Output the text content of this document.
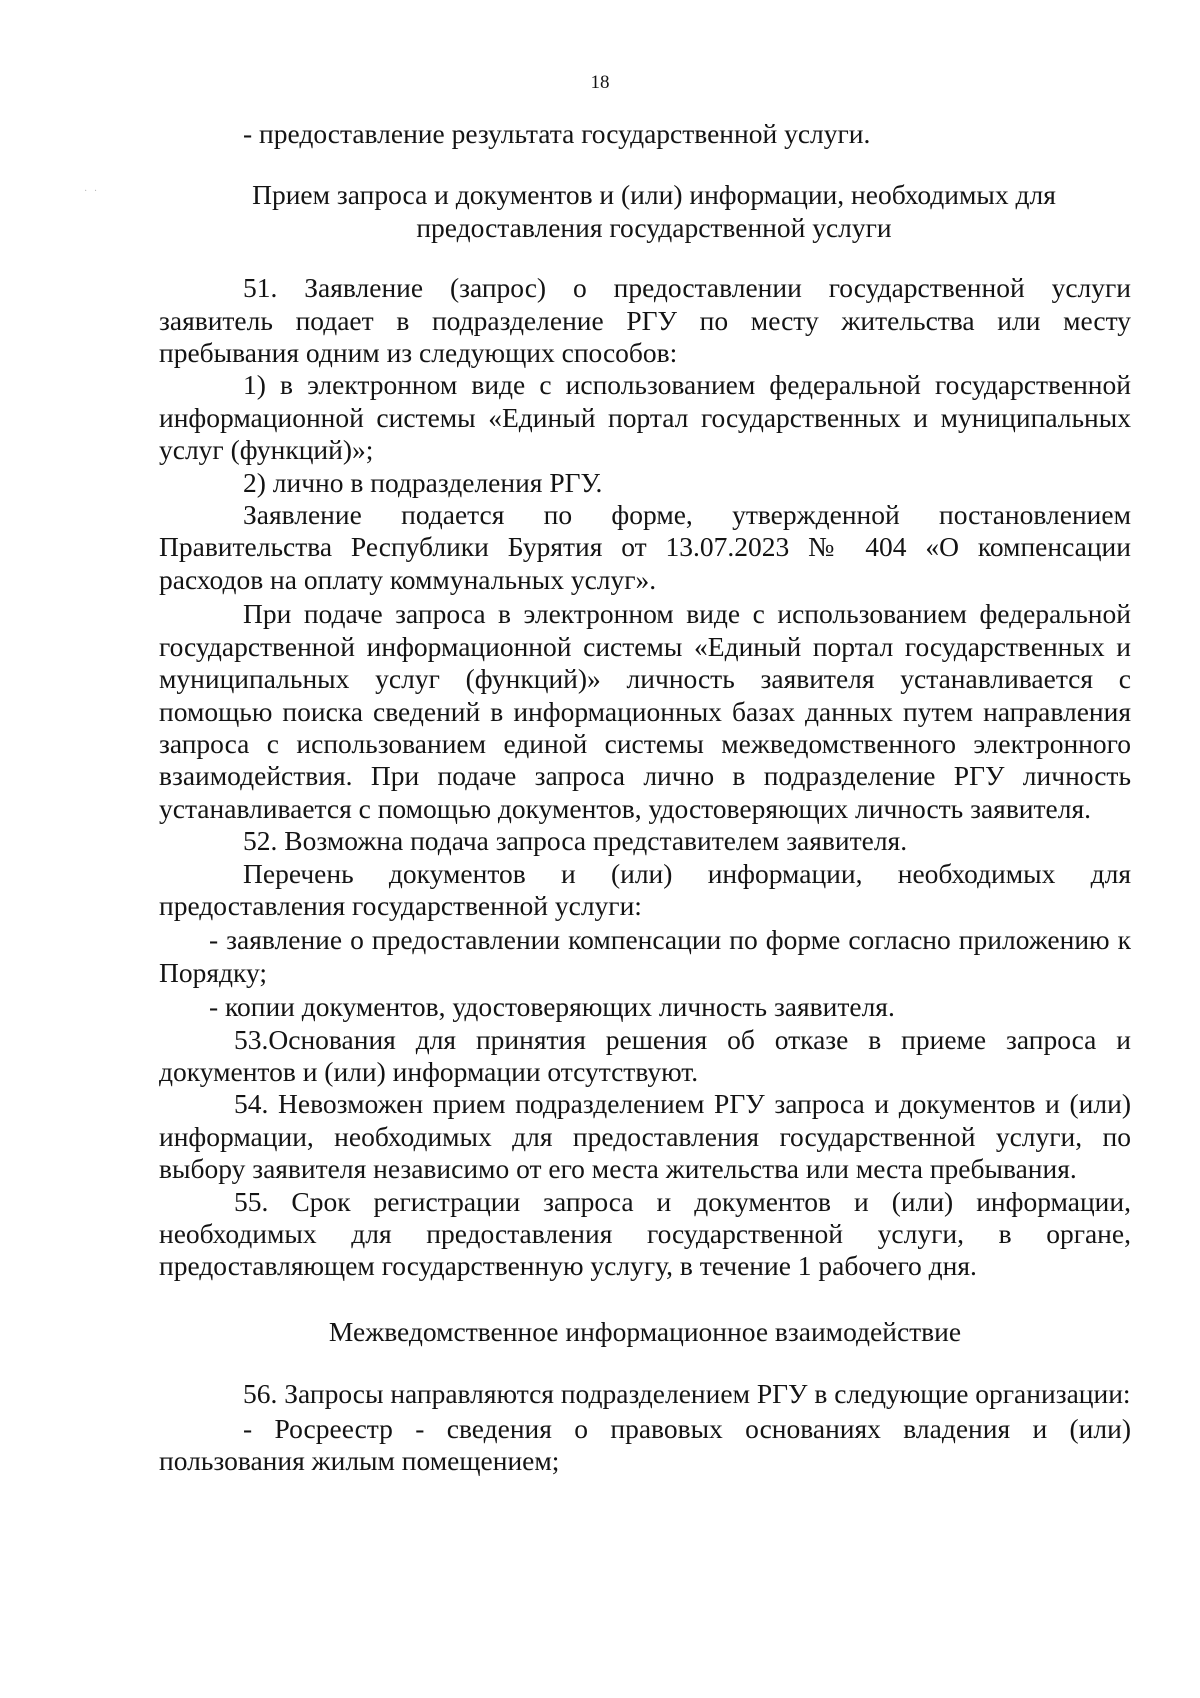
· ·
18

- предоставление результата государственной услуги.

Прием запроса и документов и (или) информации, необходимых для предоставления государственной услуги

51. Заявление (запрос) о предоставлении государственной услуги заявитель подает в подразделение РГУ по месту жительства или месту пребывания одним из следующих способов:

1) в электронном виде с использованием федеральной государственной информационной системы «Единый портал государственных и муниципальных услуг (функций)»;

2) лично в подразделения РГУ.

Заявление подается по форме, утвержденной постановлением Правительства Республики Бурятия от 13.07.2023 № 404 «О компенсации расходов на оплату коммунальных услуг».

При подаче запроса в электронном виде с использованием федеральной государственной информационной системы «Единый портал государственных и муниципальных услуг (функций)» личность заявителя устанавливается с помощью поиска сведений в информационных базах данных путем направления запроса с использованием единой системы межведомственного электронного взаимодействия. При подаче запроса лично в подразделение РГУ личность устанавливается с помощью документов, удостоверяющих личность заявителя.

52. Возможна подача запроса представителем заявителя.

Перечень документов и (или) информации, необходимых для предоставления государственной услуги:

- заявление о предоставлении компенсации по форме согласно приложению к Порядку;

- копии документов, удостоверяющих личность заявителя.

53.Основания для принятия решения об отказе в приеме запроса и документов и (или) информации отсутствуют.

54. Невозможен прием подразделением РГУ запроса и документов и (или) информации, необходимых для предоставления государственной услуги, по выбору заявителя независимо от его места жительства или места пребывания.

55. Срок регистрации запроса и документов и (или) информации, необходимых для предоставления государственной услуги, в органе, предоставляющем государственную услугу, в течение 1 рабочего дня.

Межведомственное информационное взаимодействие

56. Запросы направляются подразделением РГУ в следующие организации:

- Росреестр - сведения о правовых основаниях владения и (или) пользования жилым помещением;
